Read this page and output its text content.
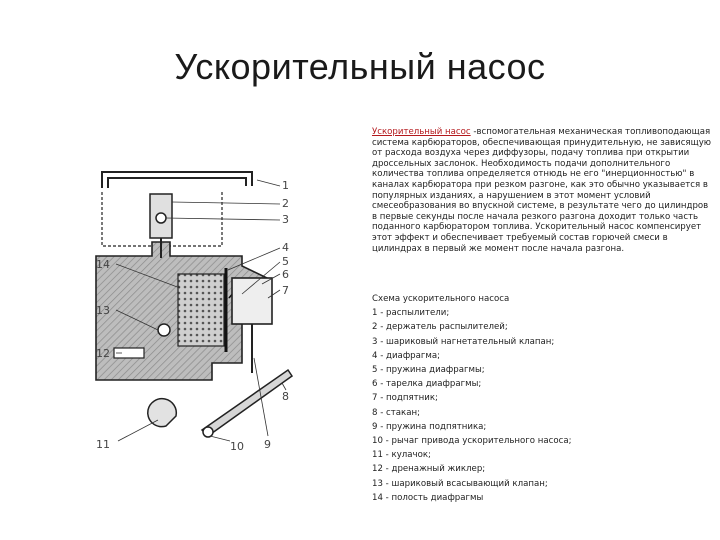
Ускорительный насос
1
2
3
4
5
6
7
8
9
10
11
12
13
14
Ускорительный насос -вспомогательная механическая топливоподающая система карбюраторов, обеспечивающая принудительную, не зависящую от расхода воздуха через диффузоры, подачу топлива при открытии дроссельных заслонок. Необходимость подачи дополнительного количества топлива определяется отнюдь не его "инерционностью" в каналах карбюратора при резком разгоне, как это обычно указывается в популярных изданиях, а нарушением в этот момент условий смесеобразования во впускной системе, в результате чего до цилиндров в первые секунды после начала резкого разгона доходит только часть поданного карбюратором топлива. Ускорительный насос компенсирует этот эффект и обеспечивает требуемый состав горючей смеси в цилиндрах в первый же момент после начала разгона.
Схема ускорительного насоса
1 - распылители;
2 - держатель распылителей;
3 - шариковый нагнетательный клапан;
4 - диафрагма;
5 - пружина диафрагмы;
6 - тарелка диафрагмы;
7 - подпятник;
8 - стакан;
9 - пружина подпятника;
10 - рычаг привода ускорительного насоса;
11 - кулачок;
12 - дренажный жиклер;
13 - шариковый всасывающий клапан;
14 - полость диафрагмы
